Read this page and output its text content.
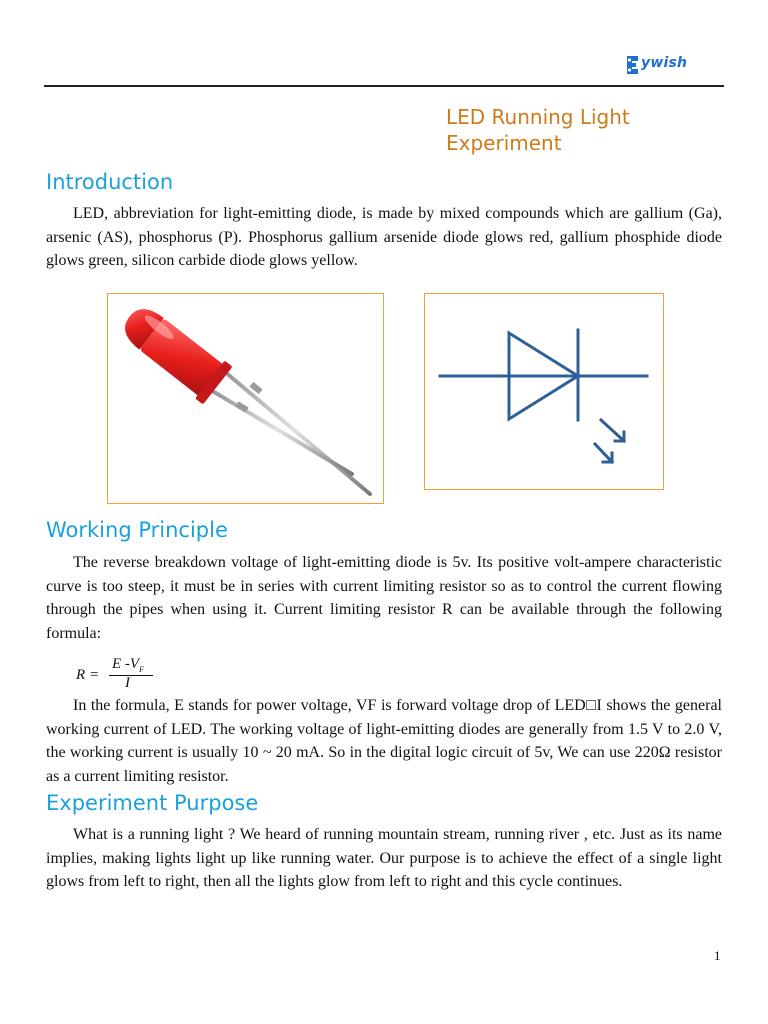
ywish
LED Running Light Experiment
Introduction
LED, abbreviation for light-emitting diode, is made by mixed compounds which are gallium (Ga), arsenic (AS), phosphorus (P). Phosphorus gallium arsenide diode glows red, gallium phosphide diode glows green, silicon carbide diode glows yellow.
Working Principle
The reverse breakdown voltage of light-emitting diode is 5v. Its positive volt-ampere characteristic curve is too steep, it must be in series with current limiting resistor so as to control the current flowing through the pipes when using it. Current limiting resistor R can be available through the following formula:
R =
E $-V_F$
I
In the formula, E stands for power voltage, VF is forward voltage drop of LED□I shows the general working current of LED. The working voltage of light-emitting diodes are generally from 1.5 V to 2.0 V, the working current is usually 10 ~ 20 mA. So in the digital logic circuit of 5v, We can use 220Ω resistor as a current limiting resistor.
Experiment Purpose
What is a running light ? We heard of running mountain stream, running river , etc. Just as its name implies, making lights light up like running water. Our purpose is to achieve the effect of a single light glows from left to right, then all the lights glow from left to right and this cycle continues.
1
